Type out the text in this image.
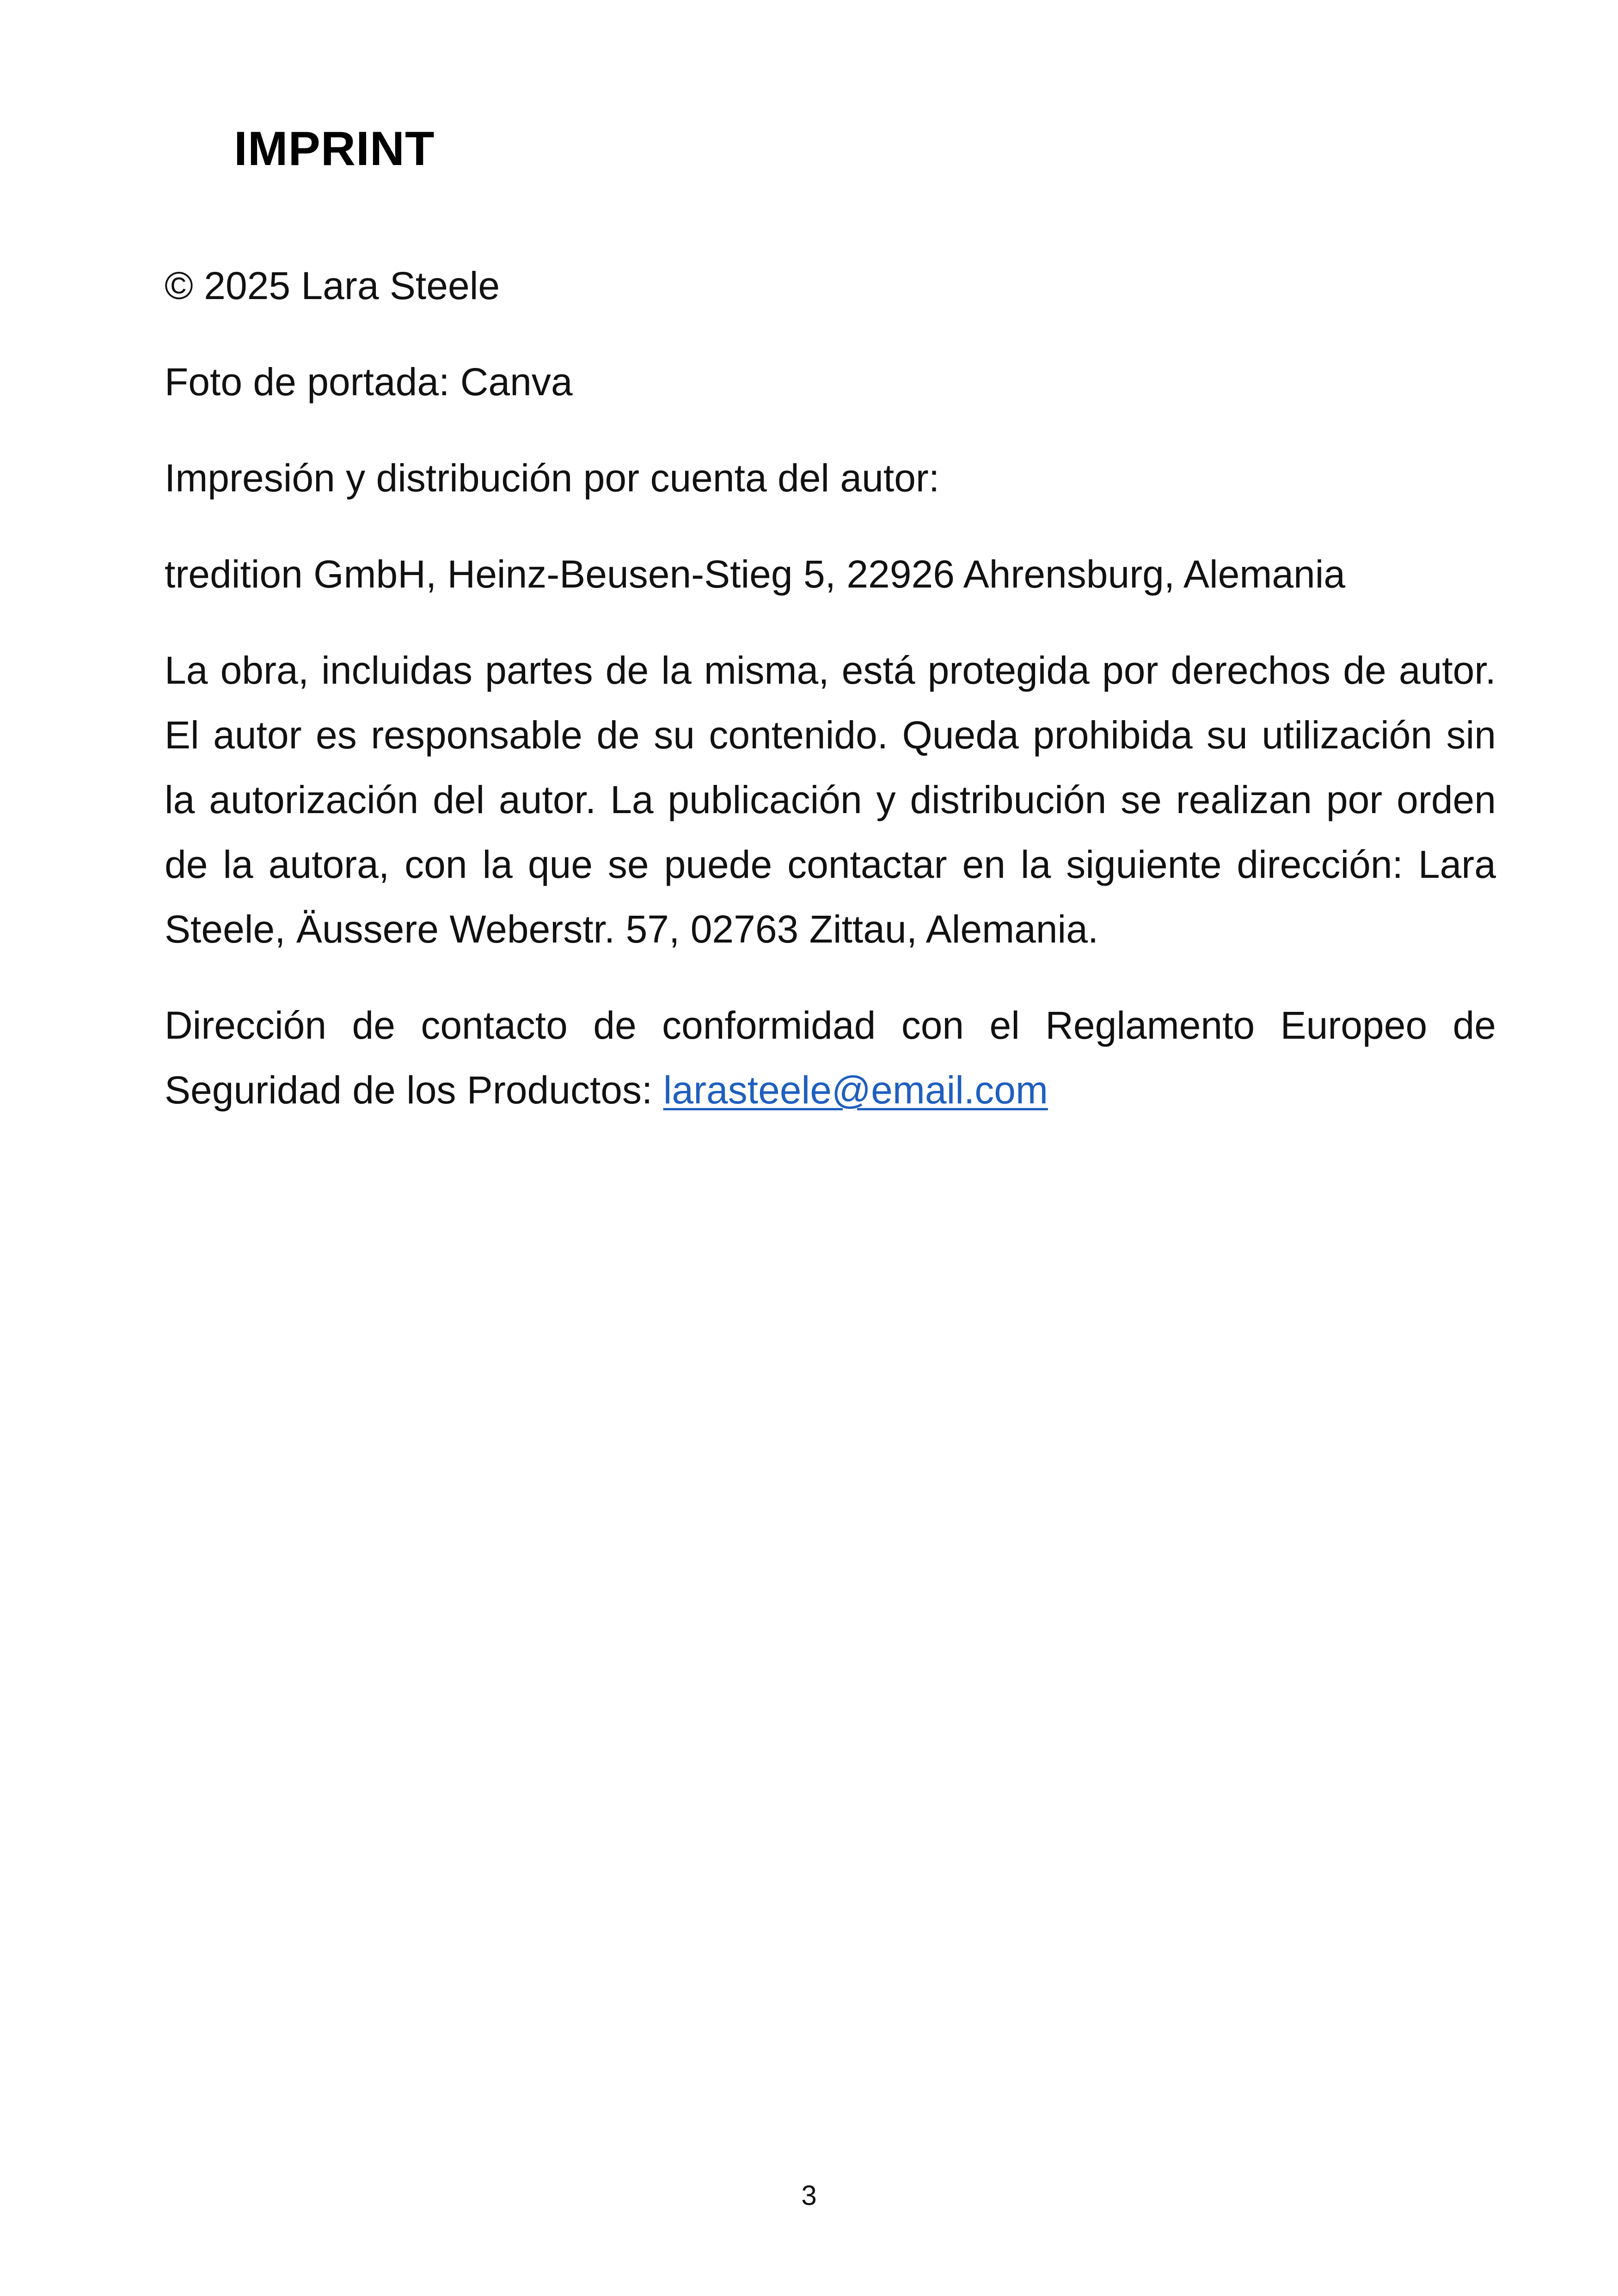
IMPRINT

© 2025 Lara Steele

Foto de portada: Canva

Impresión y distribución por cuenta del autor:

tredition GmbH, Heinz-Beusen-Stieg 5, 22926 Ahrensburg, Alemania

La obra, incluidas partes de la misma, está protegida por derechos de autor. El autor es responsable de su contenido. Queda prohibida su utilización sin la autorización del autor. La publicación y distribución se realizan por orden de la autora, con la que se puede contactar en la siguiente dirección: Lara Steele, Äussere Weberstr. 57, 02763 Zittau, Alemania.

Dirección de contacto de conformidad con el Reglamento Europeo de Seguridad de los Productos: larasteele@email.com

3
